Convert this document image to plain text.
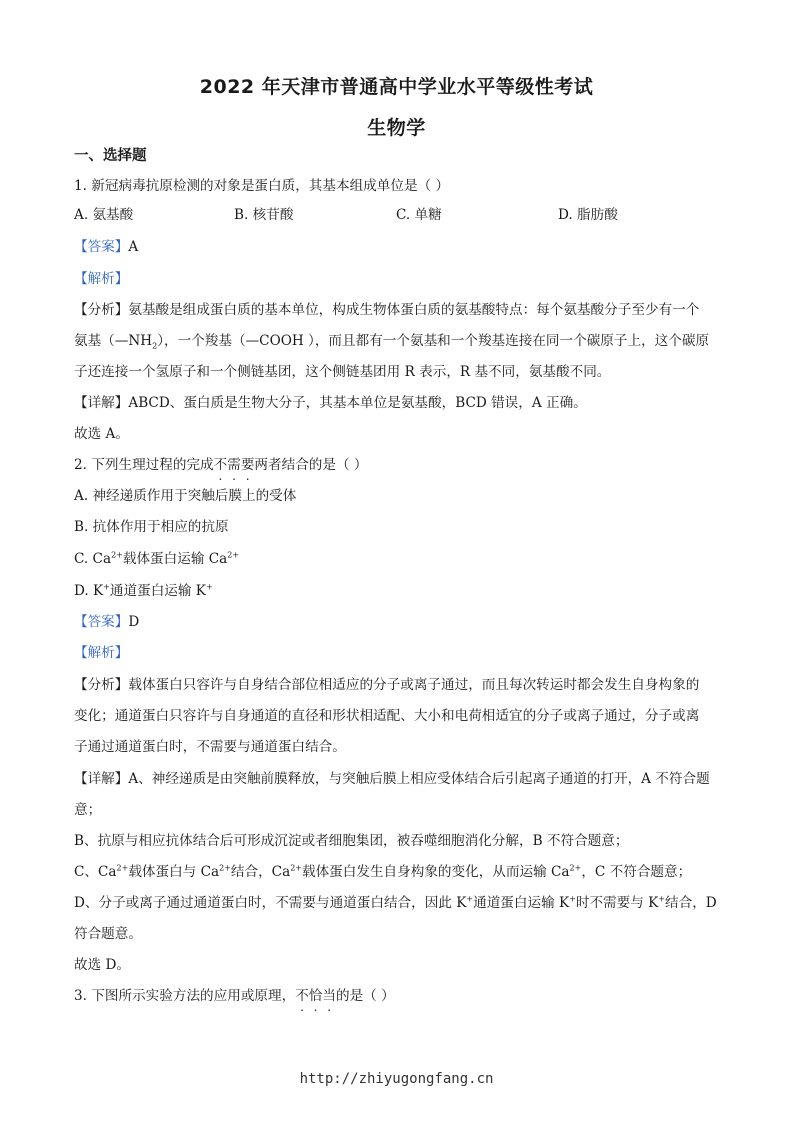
2022 年天津市普通高中学业水平等级性考试
生物学
一、选择题
1. 新冠病毒抗原检测的对象是蛋白质，其基本组成单位是（ ）
A. 氨基酸	B. 核苷酸	C. 单糖	D. 脂肪酸
【答案】A
【解析】
【分析】氨基酸是组成蛋白质的基本单位，构成生物体蛋白质的氨基酸特点：每个氨基酸分子至少有一个
氨基$(—NH_2)$，一个羧基（—COOH ），而且都有一个氨基和一个羧基连接在同一个碳原子上，这个碳原
子还连接一个氢原子和一个侧链基团，这个侧链基团用 R 表示，R 基不同，氨基酸不同。
【详解】ABCD、蛋白质是生物大分子，其基本单位是氨基酸，BCD 错误，A 正确。
故选 A。
2. 下列生理过程的完成不需要两者结合的是（ ）
A. 神经递质作用于突触后膜上的受体
B. 抗体作用于相应的抗原
C. $Ca^{2+}$载体蛋白运输 $Ca^{2+}$
D. K+通道蛋白运输 K+
【答案】D
【解析】
【分析】载体蛋白只容许与自身结合部位相适应的分子或离子通过，而且每次转运时都会发生自身构象的
变化；通道蛋白只容许与自身通道的直径和形状相适配、大小和电荷相适宜的分子或离子通过，分子或离
子通过通道蛋白时，不需要与通道蛋白结合。
【详解】A、神经递质是由突触前膜释放，与突触后膜上相应受体结合后引起离子通道的打开，A 不符合题
意；
B、抗原与相应抗体结合后可形成沉淀或者细胞集团，被吞噬细胞消化分解，B 不符合题意；
C、$Ca^{2+}$载体蛋白与 $Ca^{2+}$结合，$Ca^{2+}$载体蛋白发生自身构象的变化，从而运输 $Ca^{2+}$，C 不符合题意；
D、分子或离子通过通道蛋白时，不需要与通道蛋白结合，因此 K+通道蛋白运输 K+时不需要与 K+结合，D
符合题意。
故选 D。
3. 下图所示实验方法的应用或原理，不恰当的是（ ）
http://zhiyugongfang.cn
